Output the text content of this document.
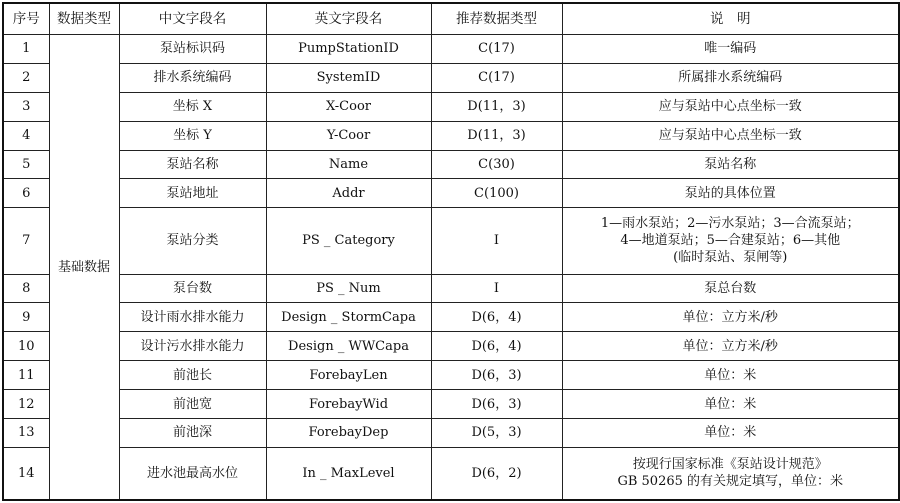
序号	数据类型	中文字段名	英文字段名	推荐数据类型	说　明
1	基础数据	泵站标识码	PumpStationID	C(17)	唯一编码
2		排水系统编码	SystemID	C(17)	所属排水系统编码
3		坐标 X	X-Coor	D(11，3)	应与泵站中心点坐标一致
4		坐标 Y	Y-Coor	D(11，3)	应与泵站中心点坐标一致
5		泵站名称	Name	C(30)	泵站名称
6		泵站地址	Addr	C(100)	泵站的具体位置
7		泵站分类	PS _ Category	I	1—雨水泵站；2—污水泵站；3—合流泵站；
4—地道泵站；5—合建泵站；6—其他
(临时泵站、泵闸等)
8		泵台数	PS _ Num	I	泵总台数
9		设计雨水排水能力	Design _ StormCapa	D(6，4)	单位：立方米/秒
10		设计污水排水能力	Design _ WWCapa	D(6，4)	单位：立方米/秒
11		前池长	ForebayLen	D(6，3)	单位：米
12		前池宽	ForebayWid	D(6，3)	单位：米
13		前池深	ForebayDep	D(5，3)	单位：米
14		进水池最高水位	In _ MaxLevel	D(6，2)	按现行国家标准《泵站设计规范》
GB 50265 的有关规定填写，单位：米
